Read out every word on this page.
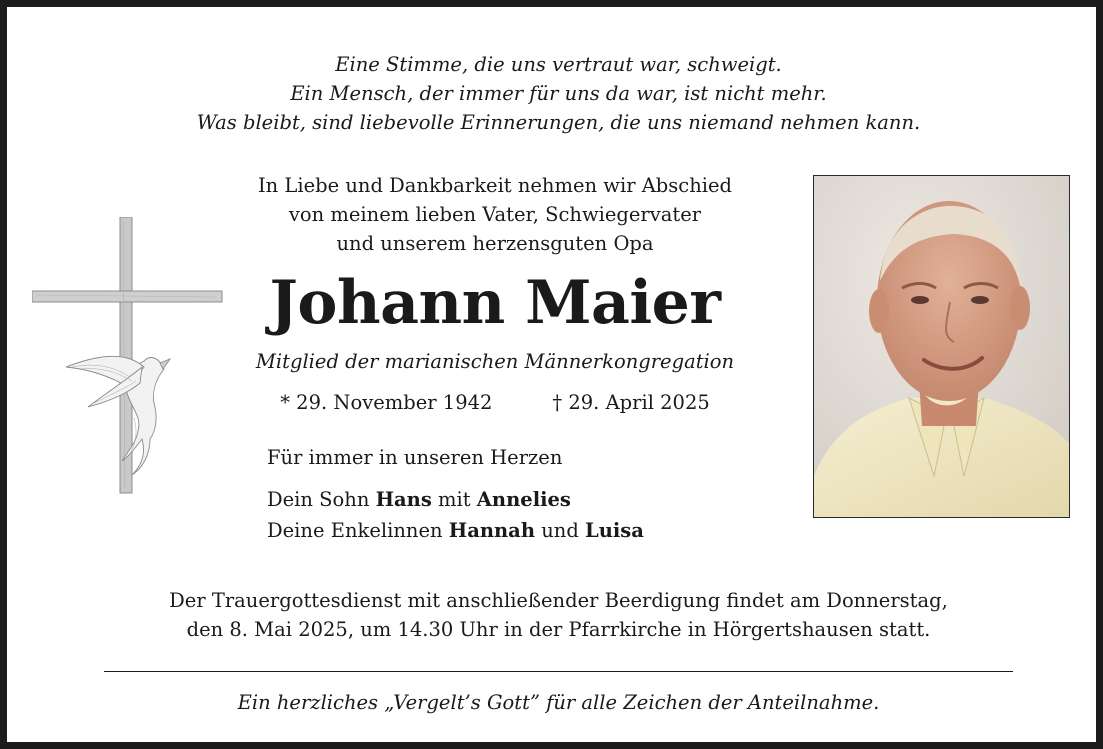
Eine Stimme, die uns vertraut war, schweigt.
Ein Mensch, der immer für uns da war, ist nicht mehr.
Was bleibt, sind liebevolle Erinnerungen, die uns niemand nehmen kann.
In Liebe und Dankbarkeit nehmen wir Abschied
von meinem lieben Vater, Schwiegervater
und unserem herzensguten Opa
Johann Maier
Mitglied der marianischen Männerkongregation
* 29. November 1942	† 29. April 2025
Für immer in unseren Herzen
Dein Sohn Hans mit Annelies
Deine Enkelinnen Hannah und Luisa
Der Trauergottesdienst mit anschließender Beerdigung findet am Donnerstag,
den 8. Mai 2025, um 14.30 Uhr in der Pfarrkirche in Hörgertshausen statt.
Ein herzliches „Vergelt’s Gott” für alle Zeichen der Anteilnahme.
